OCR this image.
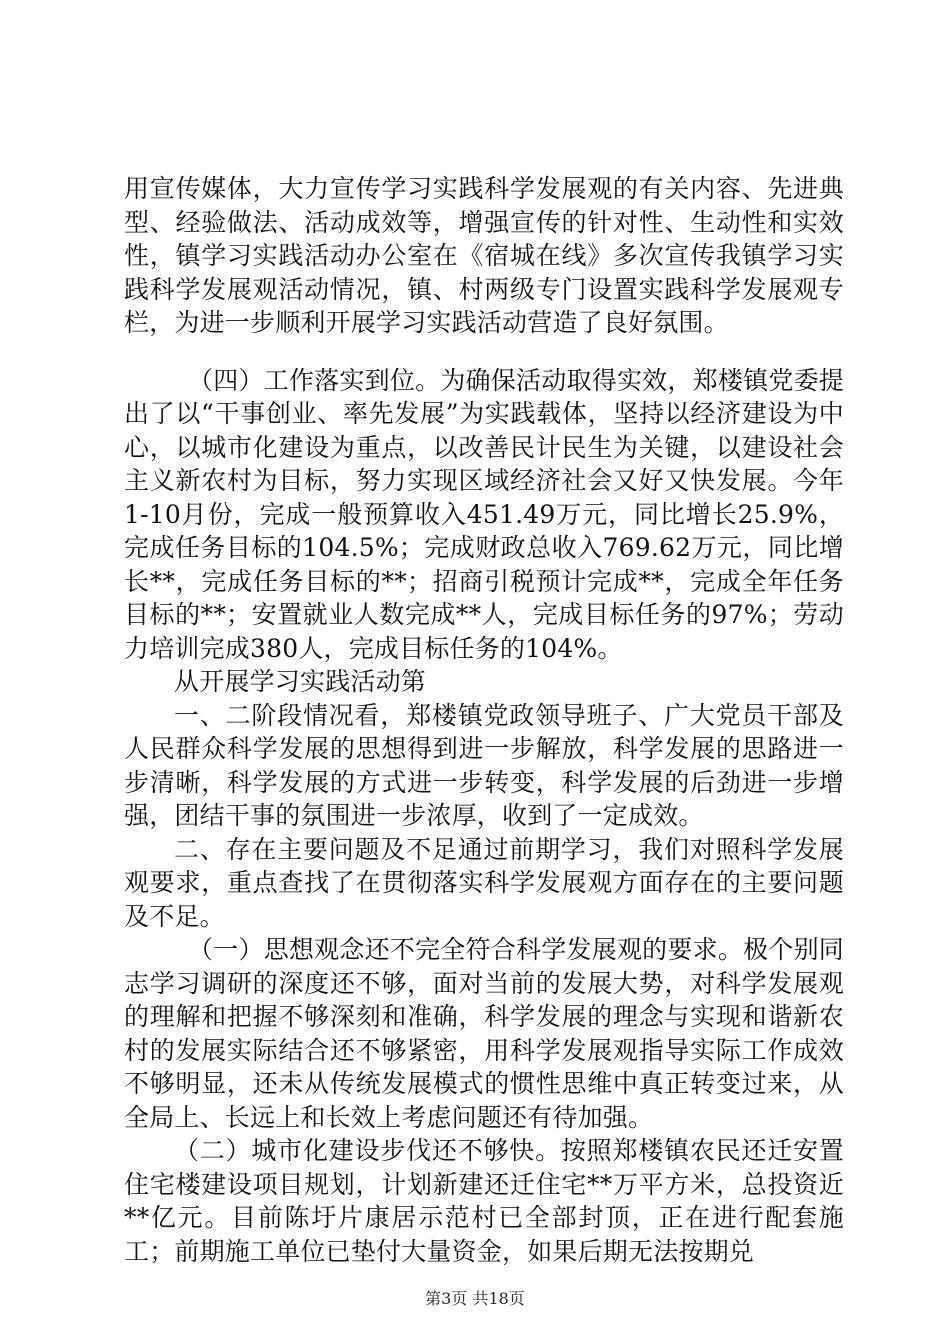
用宣传媒体，大力宣传学习实践科学发展观的有关内容、先进典型、经验做法、活动成效等，增强宣传的针对性、生动性和实效性，镇学习实践活动办公室在《宿城在线》多次宣传我镇学习实践科学发展观活动情况，镇、村两级专门设置实践科学发展观专栏，为进一步顺利开展学习实践活动营造了良好氛围。

（四）工作落实到位。为确保活动取得实效，郑楼镇党委提出了以“干事创业、率先发展”为实践载体，坚持以经济建设为中心，以城市化建设为重点，以改善民计民生为关键，以建设社会主义新农村为目标，努力实现区域经济社会又好又快发展。今年1-10月份，完成一般预算收入451.49万元，同比增长25.9%，完成任务目标的104.5%；完成财政总收入769.62万元，同比增长**，完成任务目标的**；招商引税预计完成**，完成全年任务目标的**；安置就业人数完成**人，完成目标任务的97%；劳动力培训完成380人，完成目标任务的104%。

从开展学习实践活动第

一、二阶段情况看，郑楼镇党政领导班子、广大党员干部及人民群众科学发展的思想得到进一步解放，科学发展的思路进一步清晰，科学发展的方式进一步转变，科学发展的后劲进一步增强，团结干事的氛围进一步浓厚，收到了一定成效。

二、存在主要问题及不足通过前期学习，我们对照科学发展观要求，重点查找了在贯彻落实科学发展观方面存在的主要问题及不足。

（一）思想观念还不完全符合科学发展观的要求。极个别同志学习调研的深度还不够，面对当前的发展大势，对科学发展观的理解和把握不够深刻和准确，科学发展的理念与实现和谐新农村的发展实际结合还不够紧密，用科学发展观指导实际工作成效不够明显，还未从传统发展模式的惯性思维中真正转变过来，从全局上、长远上和长效上考虑问题还有待加强。

（二）城市化建设步伐还不够快。按照郑楼镇农民还迁安置住宅楼建设项目规划，计划新建还迁住宅**万平方米，总投资近**亿元。目前陈圩片康居示范村已全部封顶，正在进行配套施工；前期施工单位已垫付大量资金，如果后期无法按期兑

第3页 共18页
